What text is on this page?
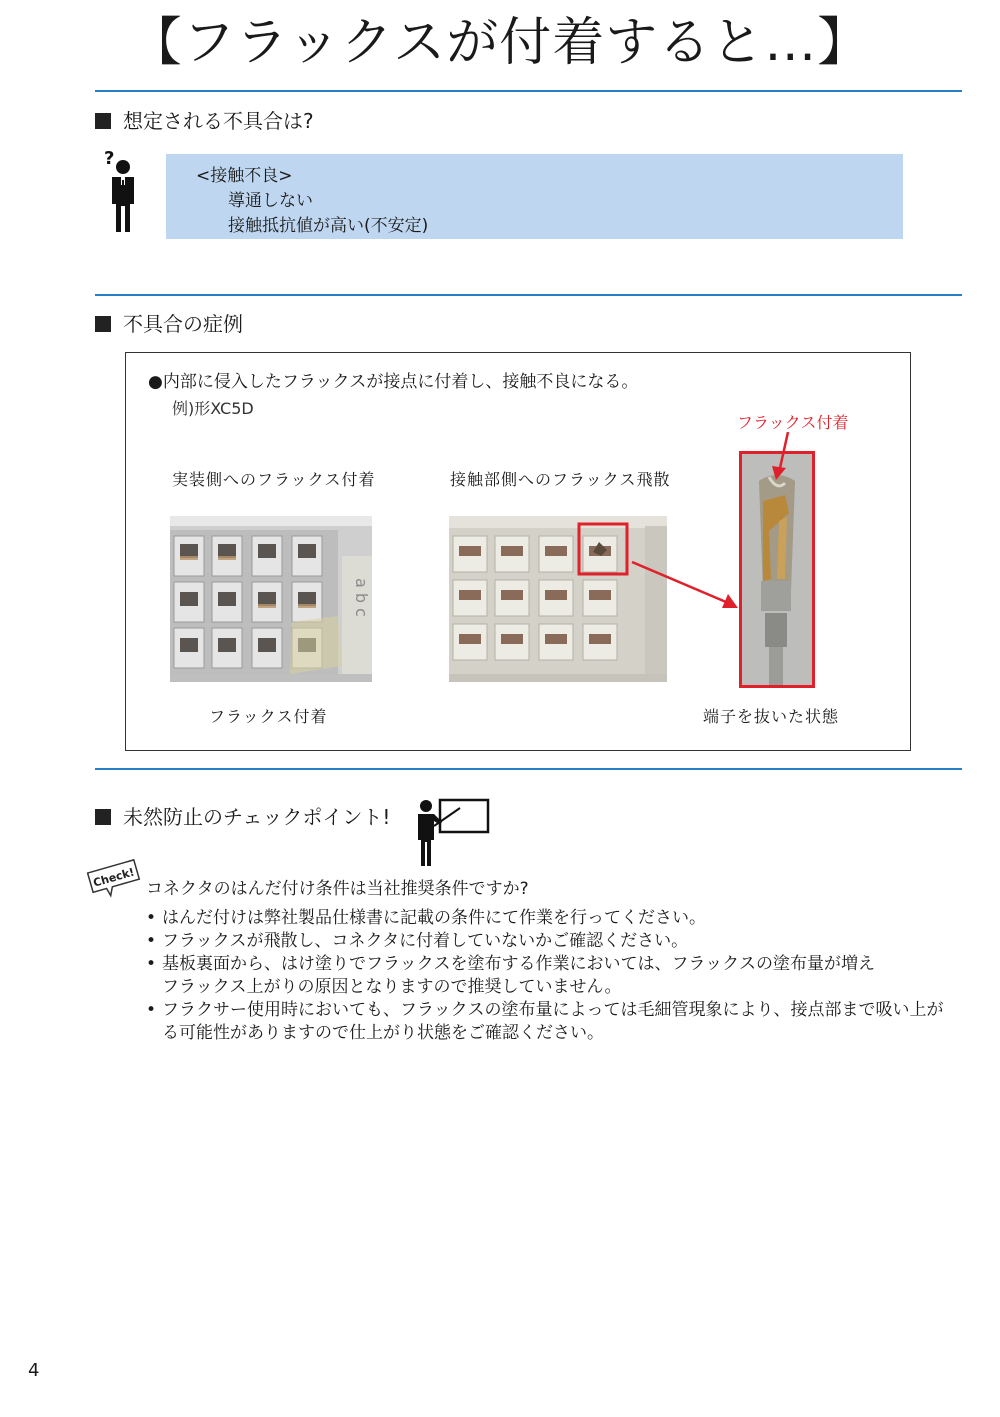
【フラックスが付着すると…】
想定される不具合は?
?
<接触不良>
導通しない
接触抵抗値が高い(不安定)
不具合の症例
●内部に侵入したフラックスが接点に付着し、接触不良になる。
例)形XC5D
フラックス付着
実装側へのフラックス付着	接触部側へのフラックス飛散
a b c
フラックス付着	端子を抜いた状態
未然防止のチェックポイント!
Check! コネクタのはんだ付け条件は当社推奨条件ですか?
• はんだ付けは弊社製品仕様書に記載の条件にて作業を行ってください。
• フラックスが飛散し、コネクタに付着していないかご確認ください。
• 基板裏面から、はけ塗りでフラックスを塗布する作業においては、フラックスの塗布量が増え
フラックス上がりの原因となりますので推奨していません。
• フラクサー使用時においても、フラックスの塗布量によっては毛細管現象により、接点部まで吸い上が
る可能性がありますので仕上がり状態をご確認ください。
4
